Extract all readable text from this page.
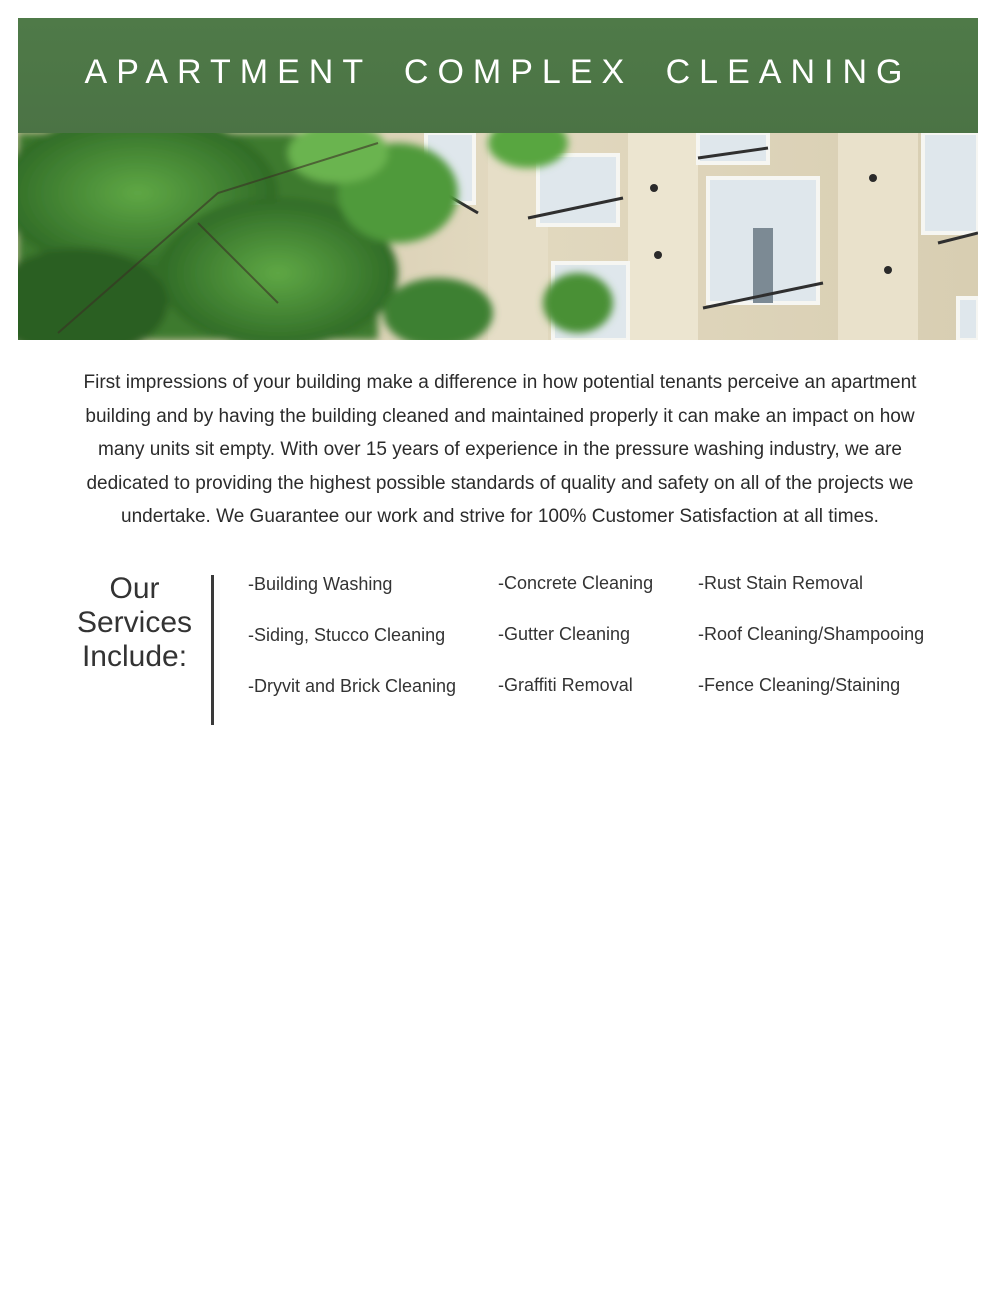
APARTMENT COMPLEX CLEANING
First impressions of your building make a difference in how potential tenants perceive an apartment building and by having the building cleaned and maintained properly it can make an impact on how many units sit empty. With over 15 years of experience in the pressure washing industry, we are dedicated to providing the highest possible standards of quality and safety on all of the projects we undertake. We Guarantee our work and strive for 100% Customer Satisfaction at all times.
Our
Services
Include:
-Building Washing
-Siding, Stucco Cleaning
-Dryvit and Brick Cleaning
-Concrete Cleaning
-Gutter Cleaning
-Graffiti Removal
-Rust Stain Removal
-Roof Cleaning/Shampooing
-Fence Cleaning/Staining
